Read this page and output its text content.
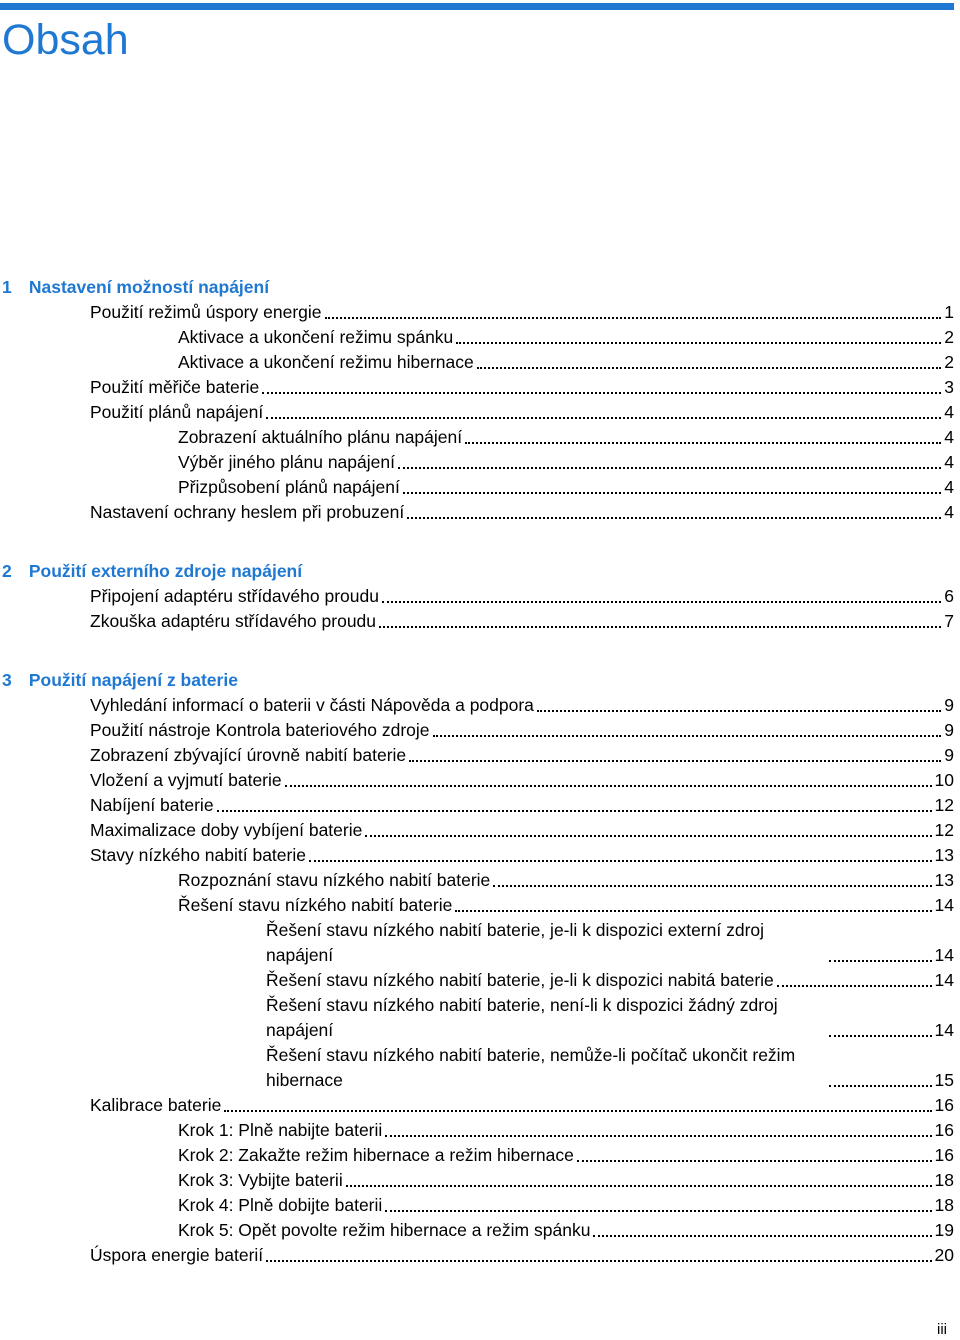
Obsah
1 Nastavení možností napájení
Použití režimů úspory energie	1
Aktivace a ukončení režimu spánku	2
Aktivace a ukončení režimu hibernace	2
Použití měřiče baterie	3
Použití plánů napájení	4
Zobrazení aktuálního plánu napájení	4
Výběr jiného plánu napájení	4
Přizpůsobení plánů napájení	4
Nastavení ochrany heslem při probuzení	4
2 Použití externího zdroje napájení
Připojení adaptéru střídavého proudu	6
Zkouška adaptéru střídavého proudu	7
3 Použití napájení z baterie
Vyhledání informací o baterii v části Nápověda a podpora	9
Použití nástroje Kontrola bateriového zdroje	9
Zobrazení zbývající úrovně nabití baterie	9
Vložení a vyjmutí baterie	10
Nabíjení baterie	12
Maximalizace doby vybíjení baterie	12
Stavy nízkého nabití baterie	13
Rozpoznání stavu nízkého nabití baterie	13
Řešení stavu nízkého nabití baterie	14
Řešení stavu nízkého nabití baterie, je-li k dispozici externí zdroj napájení	14
Řešení stavu nízkého nabití baterie, je-li k dispozici nabitá baterie	14
Řešení stavu nízkého nabití baterie, není-li k dispozici žádný zdroj napájení	14
Řešení stavu nízkého nabití baterie, nemůže-li počítač ukončit režim hibernace	15
Kalibrace baterie	16
Krok 1: Plně nabijte baterii	16
Krok 2: Zakažte režim hibernace a režim hibernace	16
Krok 3: Vybijte baterii	18
Krok 4: Plně dobijte baterii	18
Krok 5: Opět povolte režim hibernace a režim spánku	19
Úspora energie baterií	20
iii
